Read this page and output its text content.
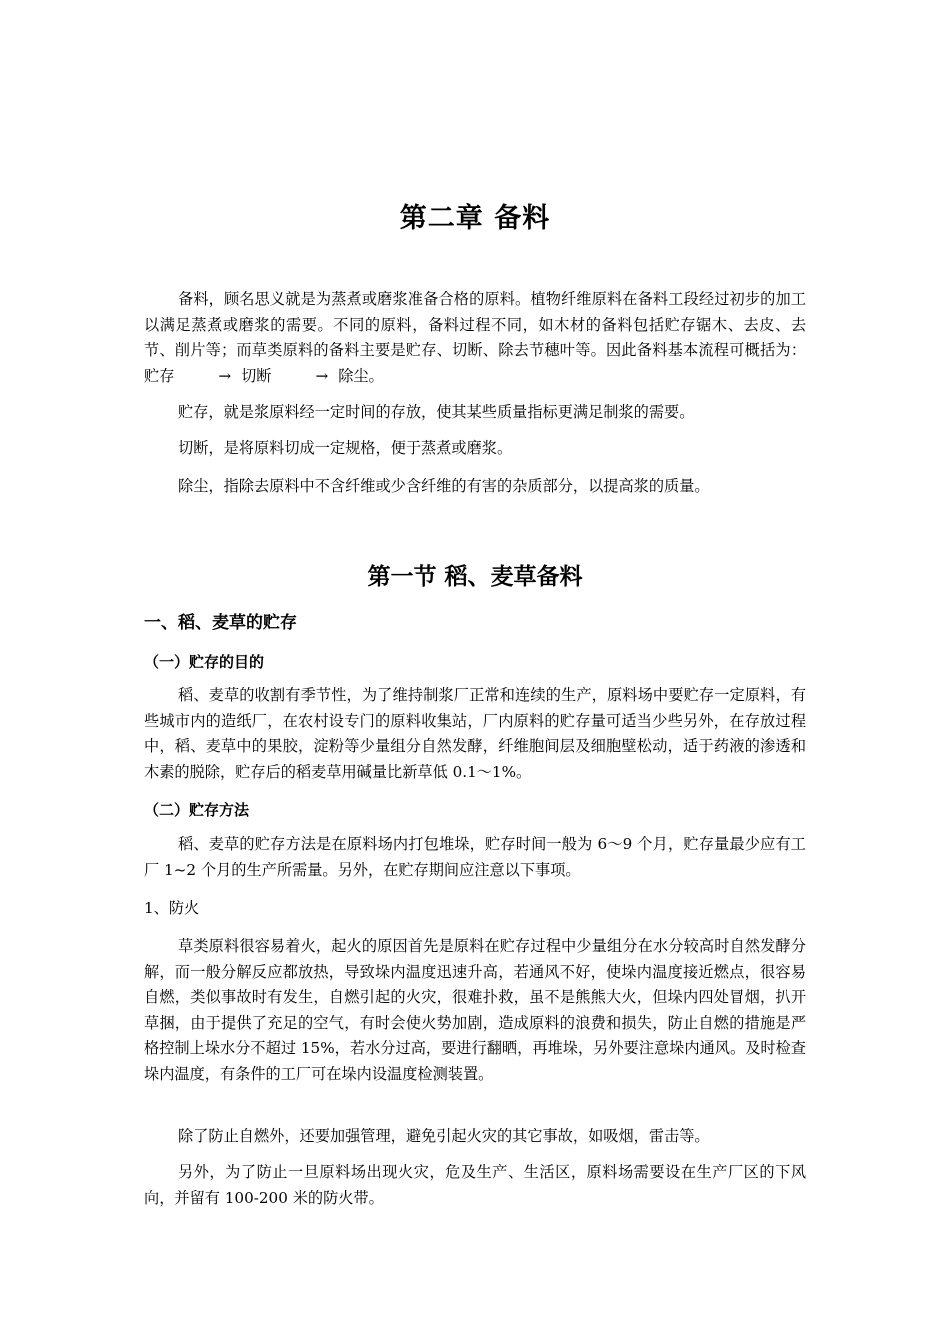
第二章 备料

备料，顾名思义就是为蒸煮或磨浆准备合格的原料。植物纤维原料在备料工段经过初步的加工以满足蒸煮或磨浆的需要。不同的原料，备料过程不同，如木材的备料包括贮存锯木、去皮、去节、削片等；而草类原料的备料主要是贮存、切断、除去节穗叶等。因此备料基本流程可概括为：贮存	→ 切断	→ 除尘。

贮存，就是浆原料经一定时间的存放，使其某些质量指标更满足制浆的需要。

切断，是将原料切成一定规格，便于蒸煮或磨浆。

除尘，指除去原料中不含纤维或少含纤维的有害的杂质部分，以提高浆的质量。

第一节 稻、麦草备料
一、稻、麦草的贮存
（一）贮存的目的

稻、麦草的收割有季节性，为了维持制浆厂正常和连续的生产，原料场中要贮存一定原料，有些城市内的造纸厂，在农村设专门的原料收集站，厂内原料的贮存量可适当少些另外，在存放过程中，稻、麦草中的果胶，淀粉等少量组分自然发酵，纤维胞间层及细胞壁松动，适于药液的渗透和木素的脱除，贮存后的稻麦草用碱量比新草低 0.1～1%。

（二）贮存方法

稻、麦草的贮存方法是在原料场内打包堆垛，贮存时间一般为 6～9 个月，贮存量最少应有工厂 1~2 个月的生产所需量。另外，在贮存期间应注意以下事项。

1、防火

草类原料很容易着火，起火的原因首先是原料在贮存过程中少量组分在水分较高时自然发酵分解，而一般分解反应都放热，导致垛内温度迅速升高，若通风不好，使垛内温度接近燃点，很容易自燃，类似事故时有发生，自燃引起的火灾，很难扑救，虽不是熊熊大火，但垛内四处冒烟，扒开草捆，由于提供了充足的空气，有时会使火势加剧，造成原料的浪费和损失，防止自燃的措施是严格控制上垛水分不超过 15%，若水分过高，要进行翻晒，再堆垛，另外要注意垛内通风。及时检查垛内温度，有条件的工厂可在垛内设温度检测装置。

除了防止自燃外，还要加强管理，避免引起火灾的其它事故，如吸烟，雷击等。

另外，为了防止一旦原料场出现火灾，危及生产、生活区，原料场需要设在生产厂区的下风向，并留有 100-200 米的防火带。
